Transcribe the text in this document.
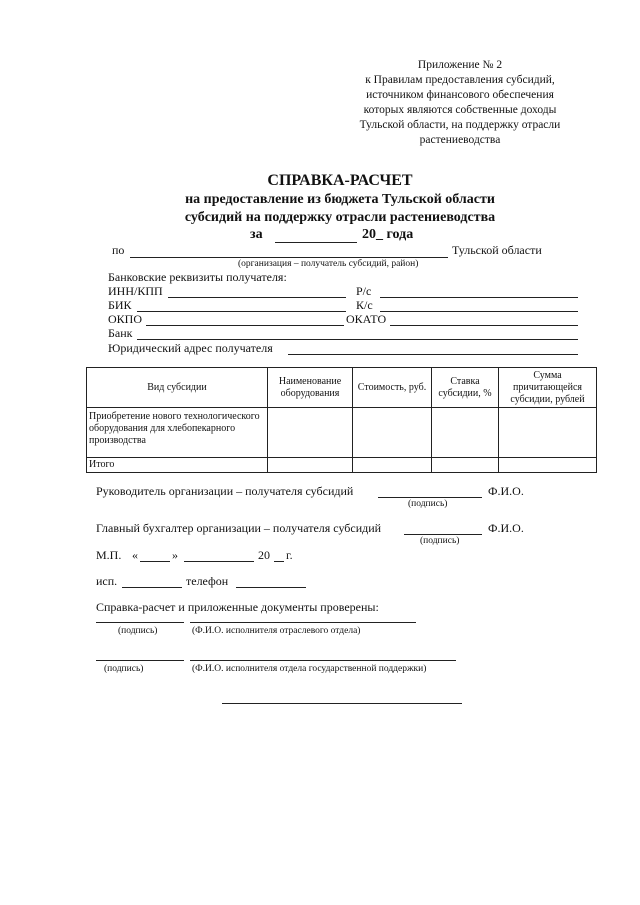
Приложение № 2
к Правилам предоставления субсидий,
источником финансового обеспечения
которых являются собственные доходы
Тульской области, на поддержку отрасли
растениеводства
СПРАВКА-РАСЧЕТ
на предоставление из бюджета Тульской области
субсидий на поддержку отрасли растениеводства
за	20_ года
по	Тульской области
(организация – получатель субсидий, район)
Банковские реквизиты получателя:
ИНН/КПП	Р/с
БИК	К/с
ОКПО	ОКАТО
Банк
Юридический адрес получателя
Вид субсидии	Наименование оборудования	Стоимость, руб.	Ставка субсидии, %	Сумма причитающейся субсидии, рублей
Приобретение нового технологического оборудования для хлебопекарного производства				
Итого				
Руководитель организации – получателя субсидий	Ф.И.О.
(подпись)
Главный бухгалтер организации – получателя субсидий	Ф.И.О.
(подпись)
М.П. «	»	20 г.
исп.	телефон
Справка-расчет и приложенные документы проверены:
(подпись)	(Ф.И.О. исполнителя отраслевого отдела)
(подпись)	(Ф.И.О. исполнителя отдела государственной поддержки)
